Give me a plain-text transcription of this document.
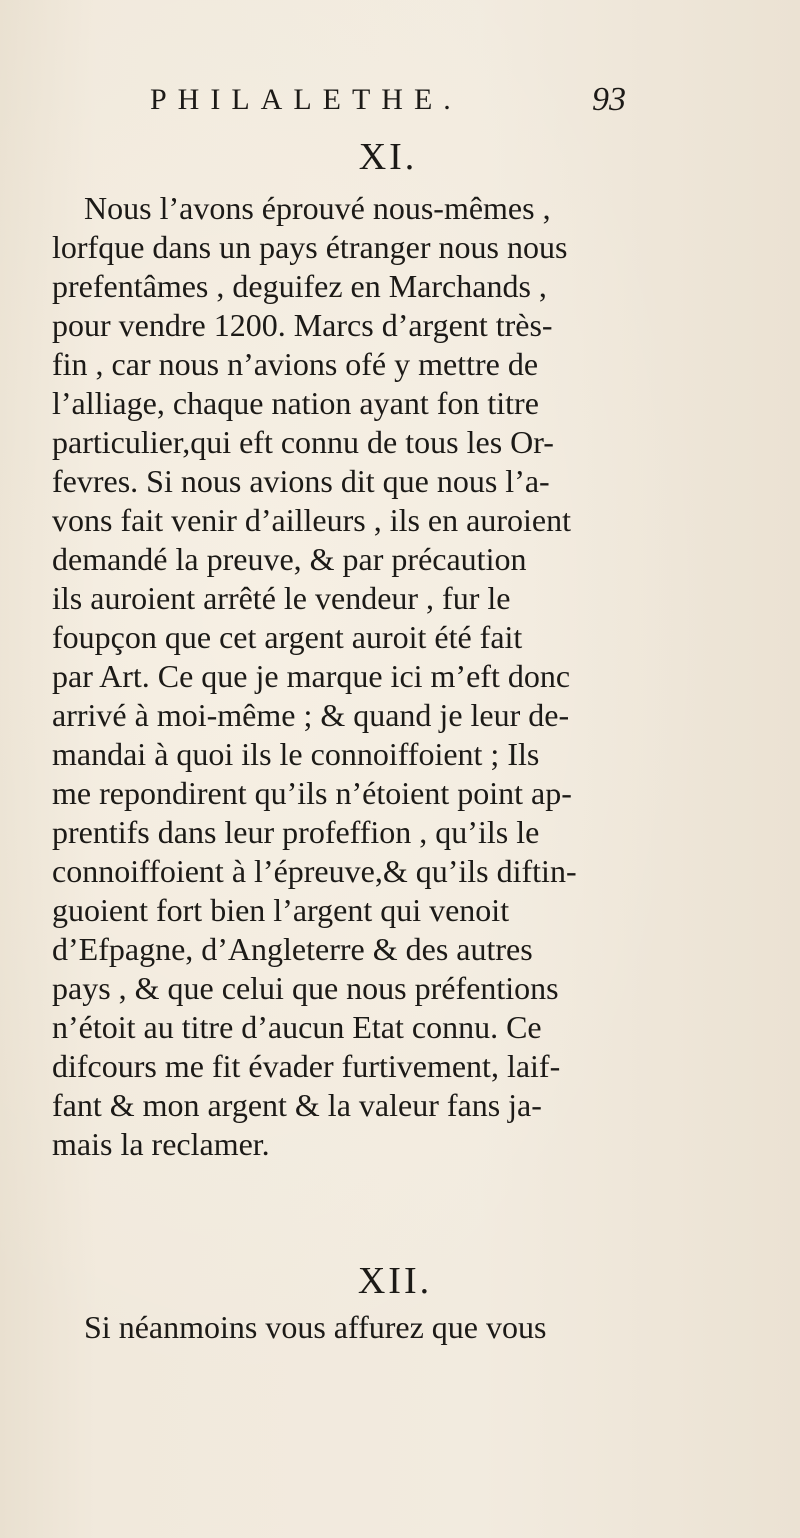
PHILALETHE.	93
XI.
Nous l’avons éprouvé nous-mêmes ,
lorfque dans un pays étranger nous nous
prefentâmes , deguifez en Marchands ,
pour vendre 1200. Marcs d’argent très-
fin , car nous n’avions ofé y mettre de
l’alliage, chaque nation ayant fon titre
particulier,qui eft connu de tous les Or-
fevres. Si nous avions dit que nous l’a-
vons fait venir d’ailleurs , ils en auroient
demandé la preuve, & par précaution
ils auroient arrêté le vendeur , fur le
foupçon que cet argent auroit été fait
par Art. Ce que je marque ici m’eft donc
arrivé à moi-même ; & quand je leur de-
mandai à quoi ils le connoiffoient ; Ils
me repondirent qu’ils n’étoient point ap-
prentifs dans leur profeffion , qu’ils le
connoiffoient à l’épreuve,& qu’ils diftin-
guoient fort bien l’argent qui venoit
d’Efpagne, d’Angleterre & des autres
pays , & que celui que nous préfentions
n’étoit au titre d’aucun Etat connu. Ce
difcours me fit évader furtivement, laif-
fant & mon argent & la valeur fans ja-
mais la reclamer.
XII.
Si néanmoins vous affurez que vous
